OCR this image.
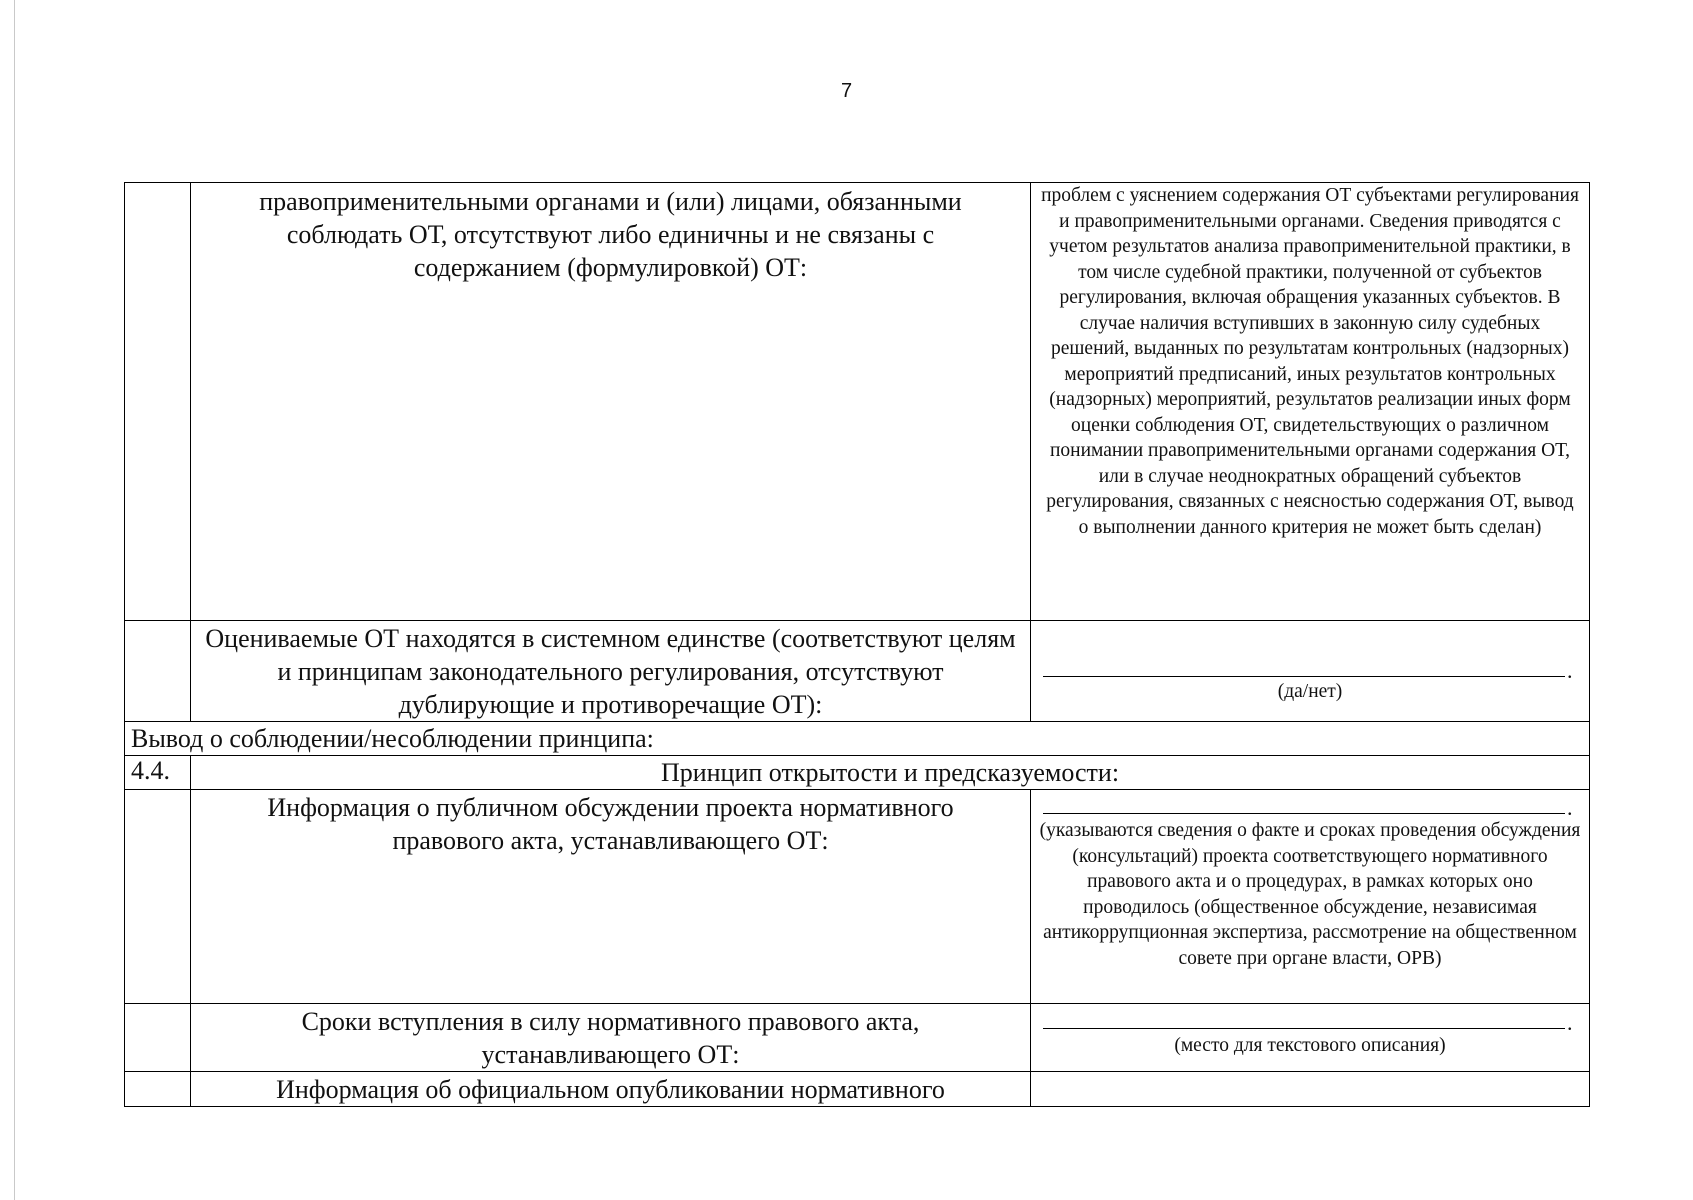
7
	правоприменительными органами и (или) лицами, обязанными соблюдать ОТ, отсутствуют либо единичны и не связаны с содержанием (формулировкой) ОТ:	проблем с уяснением содержания ОТ субъектами регулирования и правоприменительными органами. Сведения приводятся с учетом результатов анализа правоприменительной практики, в том числе судебной практики, полученной от субъектов регулирования, включая обращения указанных субъектов. В случае наличия вступивших в законную силу судебных решений, выданных по результатам контрольных (надзорных) мероприятий предписаний, иных результатов контрольных (надзорных) мероприятий, результатов реализации иных форм оценки соблюдения ОТ, свидетельствующих о различном понимании правоприменительными органами содержания ОТ, или в случае неоднократных обращений субъектов регулирования, связанных с неясностью содержания ОТ, вывод о выполнении данного критерия не может быть сделан)
	Оцениваемые ОТ находятся в системном единстве (соответствуют целям и принципам законодательного регулирования, отсутствуют дублирующие и противоречащие ОТ):	.
(да/нет)

Вывод о соблюдении/несоблюдении принципа:		
4.4.	Принцип открытости и предсказуемости:	
	Информация о публичном обсуждении проекта нормативного правового акта, устанавливающего ОТ:	.
(указываются сведения о факте и сроках проведения обсуждения (консультаций) проекта соответствующего нормативного правового акта и о процедурах, в рамках которых оно проводилось (общественное обсуждение, независимая антикоррупционная экспертиза, рассмотрение на общественном совете при органе власти, ОРВ)

	Сроки вступления в силу нормативного правового акта, устанавливающего ОТ:	.
(место для текстового описания)

	Информация об официальном опубликовании нормативного	
